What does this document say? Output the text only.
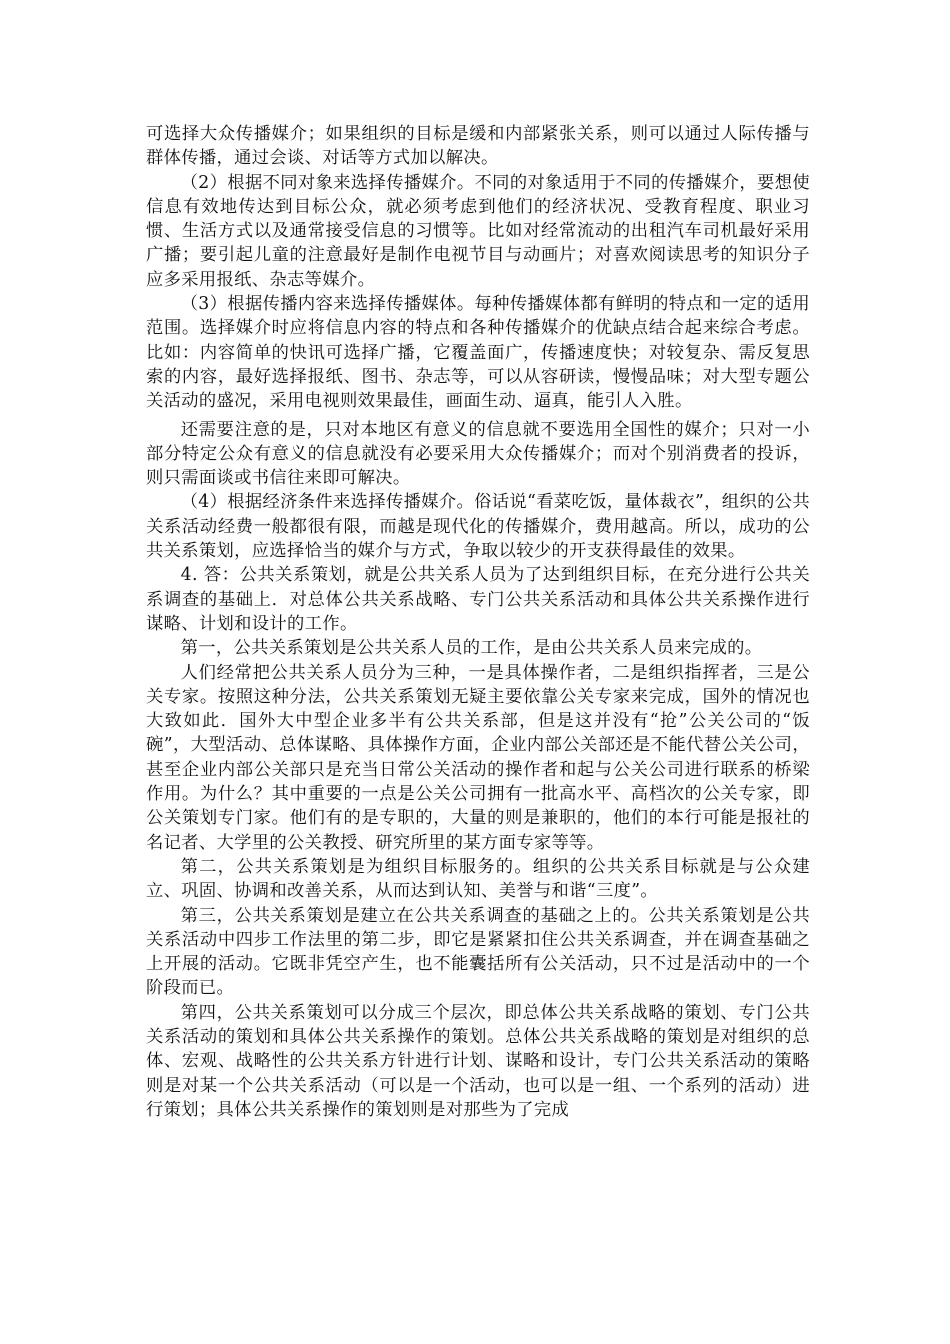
可选择大众传播媒介；如果组织的目标是缓和内部紧张关系，则可以通过人际传播与群体传播，通过会谈、对话等方式加以解决。

（2）根据不同对象来选择传播媒介。不同的对象适用于不同的传播媒介，要想使信息有效地传达到目标公众，就必须考虑到他们的经济状况、受教育程度、职业习惯、生活方式以及通常接受信息的习惯等。比如对经常流动的出租汽车司机最好采用广播；要引起儿童的注意最好是制作电视节目与动画片；对喜欢阅读思考的知识分子应多采用报纸、杂志等媒介。

（3）根据传播内容来选择传播媒体。每种传播媒体都有鲜明的特点和一定的适用范围。选择媒介时应将信息内容的特点和各种传播媒介的优缺点结合起来综合考虑。比如：内容简单的快讯可选择广播，它覆盖面广，传播速度快；对较复杂、需反复思索的内容，最好选择报纸、图书、杂志等，可以从容研读，慢慢品味；对大型专题公关活动的盛况，采用电视则效果最佳，画面生动、逼真，能引人入胜。

还需要注意的是，只对本地区有意义的信息就不要选用全国性的媒介；只对一小部分特定公众有意义的信息就没有必要采用大众传播媒介；而对个别消费者的投诉，则只需面谈或书信往来即可解决。

（4）根据经济条件来选择传播媒介。俗话说“看菜吃饭，量体裁衣”，组织的公共关系活动经费一般都很有限，而越是现代化的传播媒介，费用越高。所以，成功的公共关系策划，应选择恰当的媒介与方式，争取以较少的开支获得最佳的效果。

4. 答：公共关系策划，就是公共关系人员为了达到组织目标，在充分进行公共关系调查的基础上．对总体公共关系战略、专门公共关系活动和具体公共关系操作进行谋略、计划和设计的工作。

第一，公共关系策划是公共关系人员的工作，是由公共关系人员来完成的。

人们经常把公共关系人员分为三种，一是具体操作者，二是组织指挥者，三是公关专家。按照这种分法，公共关系策划无疑主要依靠公关专家来完成，国外的情况也大致如此．国外大中型企业多半有公共关系部，但是这并没有“抢”公关公司的“饭碗”，大型活动、总体谋略、具体操作方面，企业内部公关部还是不能代替公关公司，甚至企业内部公关部只是充当日常公关活动的操作者和起与公关公司进行联系的桥梁作用。为什么？其中重要的一点是公关公司拥有一批高水平、高档次的公关专家，即公关策划专门家。他们有的是专职的，大量的则是兼职的，他们的本行可能是报社的名记者、大学里的公关教授、研究所里的某方面专家等等。

第二，公共关系策划是为组织目标服务的。组织的公共关系目标就是与公众建立、巩固、协调和改善关系，从而达到认知、美誉与和谐“三度”。

第三，公共关系策划是建立在公共关系调查的基础之上的。公共关系策划是公共关系活动中四步工作法里的第二步，即它是紧紧扣住公共关系调查，并在调查基础之上开展的活动。它既非凭空产生，也不能囊括所有公关活动，只不过是活动中的一个阶段而已。

第四，公共关系策划可以分成三个层次，即总体公共关系战略的策划、专门公共关系活动的策划和具体公共关系操作的策划。总体公共关系战略的策划是对组织的总体、宏观、战略性的公共关系方针进行计划、谋略和设计，专门公共关系活动的策略则是对某一个公共关系活动（可以是一个活动，也可以是一组、一个系列的活动）进行策划；具体公共关系操作的策划则是对那些为了完成
